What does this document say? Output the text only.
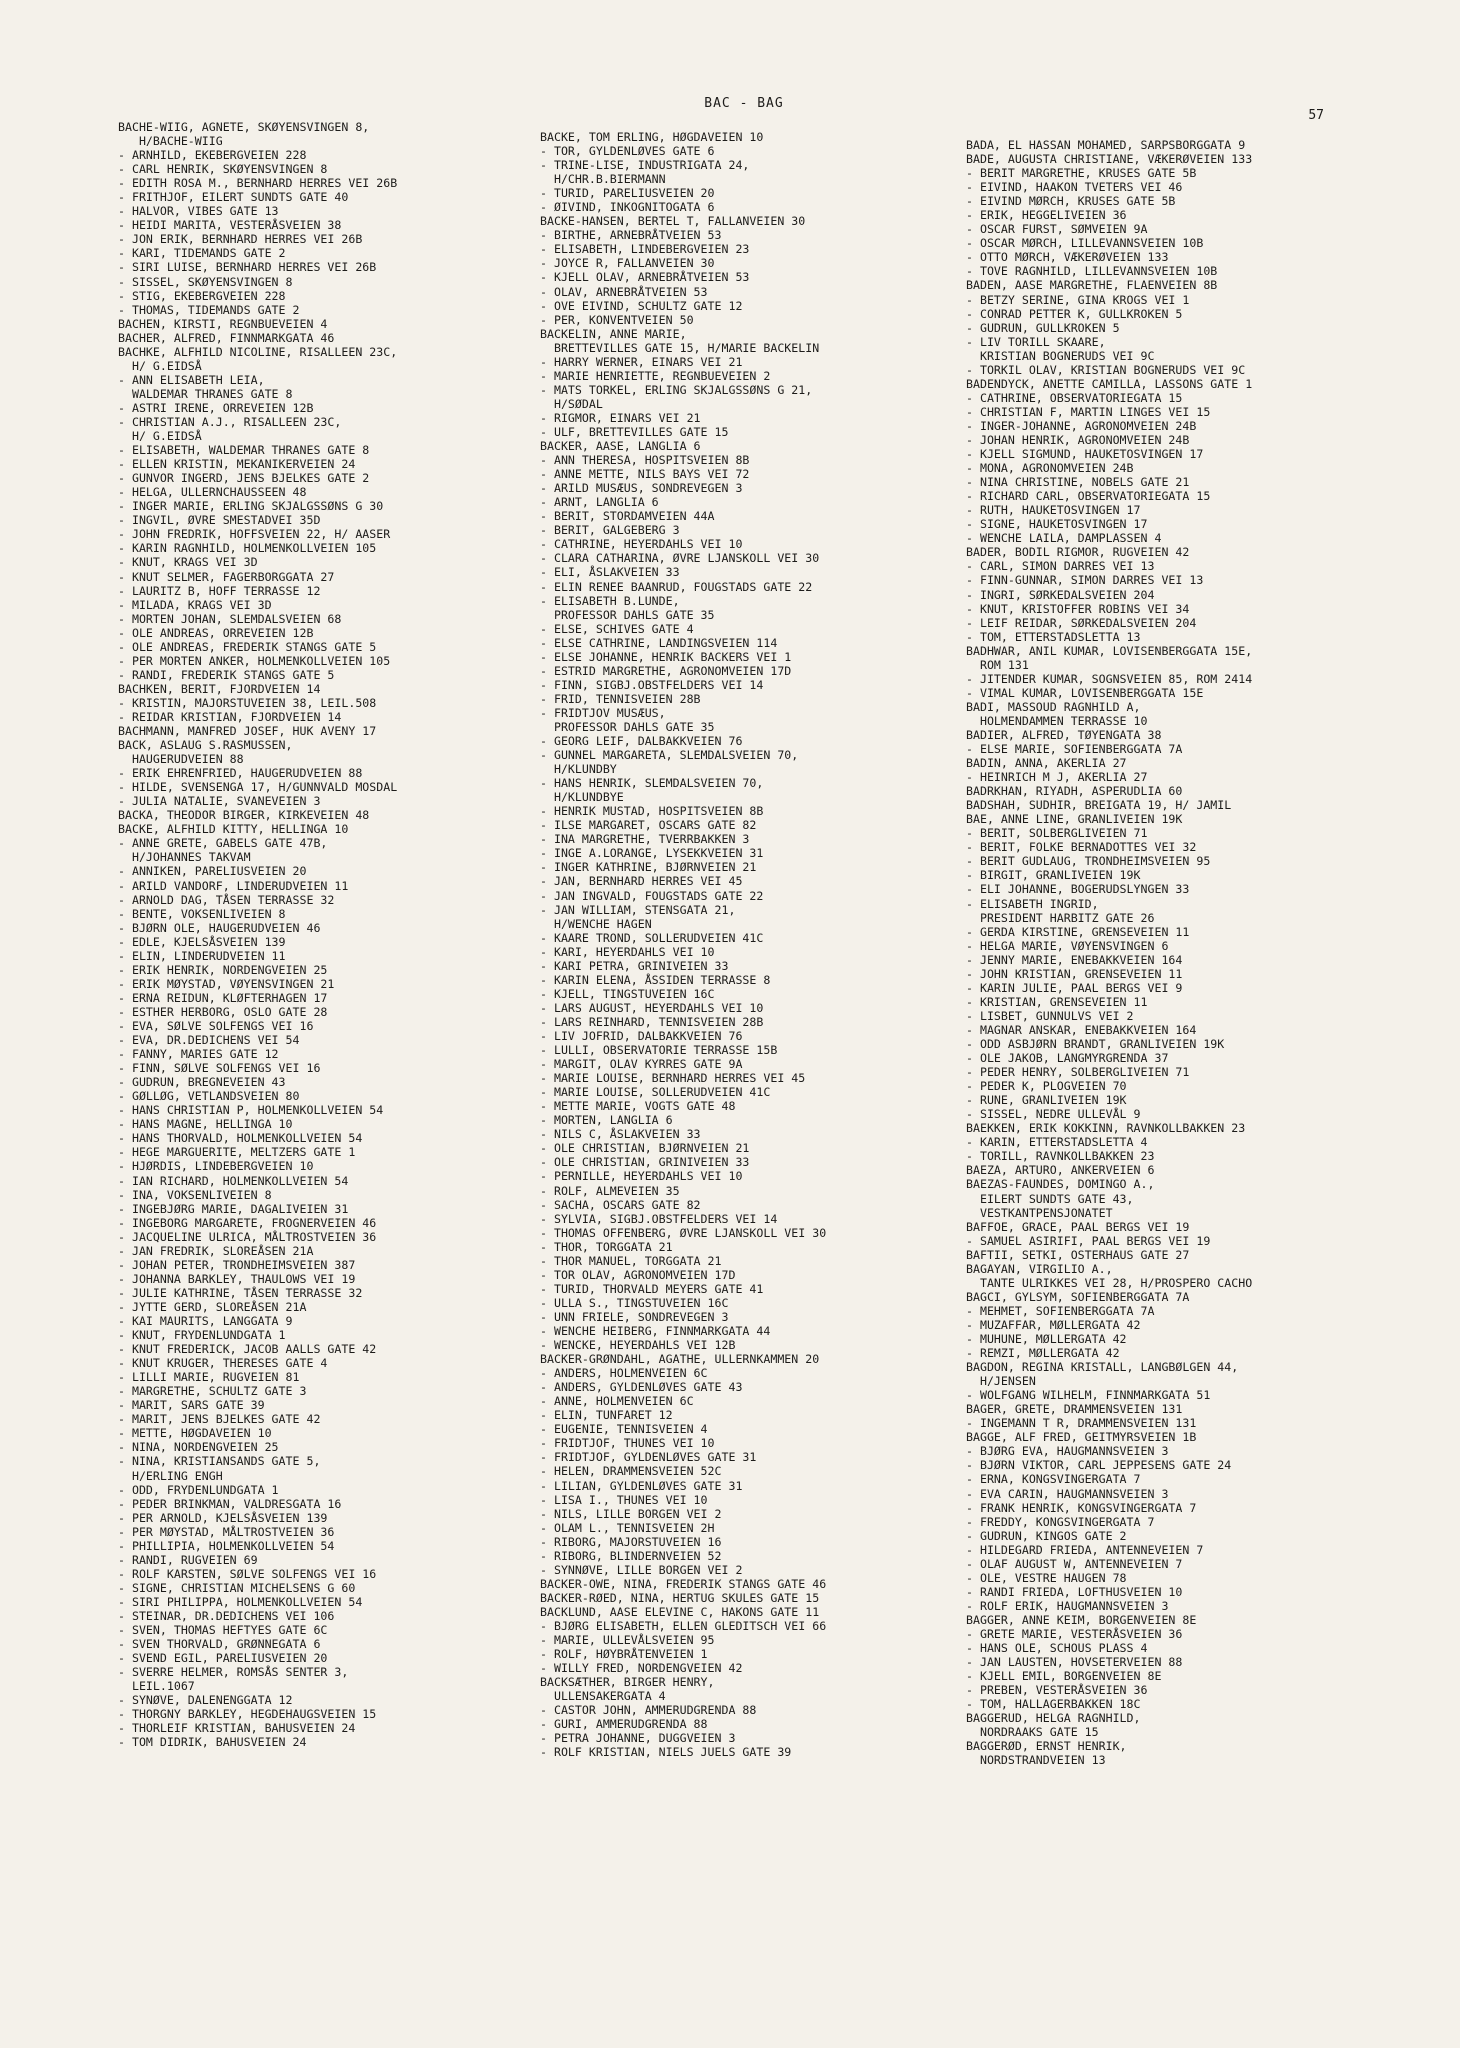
BAC - BAG
57
BACHE-WIIG, AGNETE, SKØYENSVINGEN 8,
H/BACHE-WIIG
- ARNHILD, EKEBERGVEIEN 228
- CARL HENRIK, SKØYENSVINGEN 8
- EDITH ROSA M., BERNHARD HERRES VEI 26B
- FRITHJOF, EILERT SUNDTS GATE 40
- HALVOR, VIBES GATE 13
- HEIDI MARITA, VESTERÅSVEIEN 38
- JON ERIK, BERNHARD HERRES VEI 26B
- KARI, TIDEMANDS GATE 2
- SIRI LUISE, BERNHARD HERRES VEI 26B
- SISSEL, SKØYENSVINGEN 8
- STIG, EKEBERGVEIEN 228
- THOMAS, TIDEMANDS GATE 2
BACHEN, KIRSTI, REGNBUEVEIEN 4
BACHER, ALFRED, FINNMARKGATA 46
BACHKE, ALFHILD NICOLINE, RISALLEEN 23C,
H/ G.EIDSÅ
- ANN ELISABETH LEIA,
WALDEMAR THRANES GATE 8
- ASTRI IRENE, ORREVEIEN 12B
- CHRISTIAN A.J., RISALLEEN 23C,
H/ G.EIDSÅ
- ELISABETH, WALDEMAR THRANES GATE 8
- ELLEN KRISTIN, MEKANIKERVEIEN 24
- GUNVOR INGERD, JENS BJELKES GATE 2
- HELGA, ULLERNCHAUSSEEN 48
- INGER MARIE, ERLING SKJALGSSØNS G 30
- INGVIL, ØVRE SMESTADVEI 35D
- JOHN FREDRIK, HOFFSVEIEN 22, H/ AASER
- KARIN RAGNHILD, HOLMENKOLLVEIEN 105
- KNUT, KRAGS VEI 3D
- KNUT SELMER, FAGERBORGGATA 27
- LAURITZ B, HOFF TERRASSE 12
- MILADA, KRAGS VEI 3D
- MORTEN JOHAN, SLEMDALSVEIEN 68
- OLE ANDREAS, ORREVEIEN 12B
- OLE ANDREAS, FREDERIK STANGS GATE 5
- PER MORTEN ANKER, HOLMENKOLLVEIEN 105
- RANDI, FREDERIK STANGS GATE 5
BACHKEN, BERIT, FJORDVEIEN 14
- KRISTIN, MAJORSTUVEIEN 38, LEIL.508
- REIDAR KRISTIAN, FJORDVEIEN 14
BACHMANN, MANFRED JOSEF, HUK AVENY 17
BACK, ASLAUG S.RASMUSSEN,
HAUGERUDVEIEN 88
- ERIK EHRENFRIED, HAUGERUDVEIEN 88
- HILDE, SVENSENGA 17, H/GUNNVALD MOSDAL
- JULIA NATALIE, SVANEVEIEN 3
BACKA, THEODOR BIRGER, KIRKEVEIEN 48
BACKE, ALFHILD KITTY, HELLINGA 10
- ANNE GRETE, GABELS GATE 47B,
H/JOHANNES TAKVAM
- ANNIKEN, PARELIUSVEIEN 20
- ARILD VANDORF, LINDERUDVEIEN 11
- ARNOLD DAG, TÅSEN TERRASSE 32
- BENTE, VOKSENLIVEIEN 8
- BJØRN OLE, HAUGERUDVEIEN 46
- EDLE, KJELSÅSVEIEN 139
- ELIN, LINDERUDVEIEN 11
- ERIK HENRIK, NORDENGVEIEN 25
- ERIK MØYSTAD, VØYENSVINGEN 21
- ERNA REIDUN, KLØFTERHAGEN 17
- ESTHER HERBORG, OSLO GATE 28
- EVA, SØLVE SOLFENGS VEI 16
- EVA, DR.DEDICHENS VEI 54
- FANNY, MARIES GATE 12
- FINN, SØLVE SOLFENGS VEI 16
- GUDRUN, BREGNEVEIEN 43
- GØLLØG, VETLANDSVEIEN 80
- HANS CHRISTIAN P, HOLMENKOLLVEIEN 54
- HANS MAGNE, HELLINGA 10
- HANS THORVALD, HOLMENKOLLVEIEN 54
- HEGE MARGUERITE, MELTZERS GATE 1
- HJØRDIS, LINDEBERGVEIEN 10
- IAN RICHARD, HOLMENKOLLVEIEN 54
- INA, VOKSENLIVEIEN 8
- INGEBJØRG MARIE, DAGALIVEIEN 31
- INGEBORG MARGARETE, FROGNERVEIEN 46
- JACQUELINE ULRICA, MÅLTROSTVEIEN 36
- JAN FREDRIK, SLOREÅSEN 21A
- JOHAN PETER, TRONDHEIMSVEIEN 387
- JOHANNA BARKLEY, THAULOWS VEI 19
- JULIE KATHRINE, TÅSEN TERRASSE 32
- JYTTE GERD, SLOREÅSEN 21A
- KAI MAURITS, LANGGATA 9
- KNUT, FRYDENLUNDGATA 1
- KNUT FREDERICK, JACOB AALLS GATE 42
- KNUT KRUGER, THERESES GATE 4
- LILLI MARIE, RUGVEIEN 81
- MARGRETHE, SCHULTZ GATE 3
- MARIT, SARS GATE 39
- MARIT, JENS BJELKES GATE 42
- METTE, HØGDAVEIEN 10
- NINA, NORDENGVEIEN 25
- NINA, KRISTIANSANDS GATE 5,
H/ERLING ENGH
- ODD, FRYDENLUNDGATA 1
- PEDER BRINKMAN, VALDRESGATA 16
- PER ARNOLD, KJELSÅSVEIEN 139
- PER MØYSTAD, MÅLTROSTVEIEN 36
- PHILLIPIA, HOLMENKOLLVEIEN 54
- RANDI, RUGVEIEN 69
- ROLF KARSTEN, SØLVE SOLFENGS VEI 16
- SIGNE, CHRISTIAN MICHELSENS G 60
- SIRI PHILIPPA, HOLMENKOLLVEIEN 54
- STEINAR, DR.DEDICHENS VEI 106
- SVEN, THOMAS HEFTYES GATE 6C
- SVEN THORVALD, GRØNNEGATA 6
- SVEND EGIL, PARELIUSVEIEN 20
- SVERRE HELMER, ROMSÅS SENTER 3,
LEIL.1067
- SYNØVE, DALENENGGATA 12
- THORGNY BARKLEY, HEGDEHAUGSVEIEN 15
- THORLEIF KRISTIAN, BAHUSVEIEN 24
- TOM DIDRIK, BAHUSVEIEN 24
BACKE, TOM ERLING, HØGDAVEIEN 10
- TOR, GYLDENLØVES GATE 6
- TRINE-LISE, INDUSTRIGATA 24,
H/CHR.B.BIERMANN
- TURID, PARELIUSVEIEN 20
- ØIVIND, INKOGNITOGATA 6
BACKE-HANSEN, BERTEL T, FALLANVEIEN 30
- BIRTHE, ARNEBRÅTVEIEN 53
- ELISABETH, LINDEBERGVEIEN 23
- JOYCE R, FALLANVEIEN 30
- KJELL OLAV, ARNEBRÅTVEIEN 53
- OLAV, ARNEBRÅTVEIEN 53
- OVE EIVIND, SCHULTZ GATE 12
- PER, KONVENTVEIEN 50
BACKELIN, ANNE MARIE,
BRETTEVILLES GATE 15, H/MARIE BACKELIN
- HARRY WERNER, EINARS VEI 21
- MARIE HENRIETTE, REGNBUEVEIEN 2
- MATS TORKEL, ERLING SKJALGSSØNS G 21,
H/SØDAL
- RIGMOR, EINARS VEI 21
- ULF, BRETTEVILLES GATE 15
BACKER, AASE, LANGLIA 6
- ANN THERESA, HOSPITSVEIEN 8B
- ANNE METTE, NILS BAYS VEI 72
- ARILD MUSÆUS, SONDREVEGEN 3
- ARNT, LANGLIA 6
- BERIT, STORDAMVEIEN 44A
- BERIT, GALGEBERG 3
- CATHRINE, HEYERDAHLS VEI 10
- CLARA CATHARINA, ØVRE LJANSKOLL VEI 30
- ELI, ÅSLAKVEIEN 33
- ELIN RENEE BAANRUD, FOUGSTADS GATE 22
- ELISABETH B.LUNDE,
PROFESSOR DAHLS GATE 35
- ELSE, SCHIVES GATE 4
- ELSE CATHRINE, LANDINGSVEIEN 114
- ELSE JOHANNE, HENRIK BACKERS VEI 1
- ESTRID MARGRETHE, AGRONOMVEIEN 17D
- FINN, SIGBJ.OBSTFELDERS VEI 14
- FRID, TENNISVEIEN 28B
- FRIDTJOV MUSÆUS,
PROFESSOR DAHLS GATE 35
- GEORG LEIF, DALBAKKVEIEN 76
- GUNNEL MARGARETA, SLEMDALSVEIEN 70,
H/KLUNDBY
- HANS HENRIK, SLEMDALSVEIEN 70,
H/KLUNDBYE
- HENRIK MUSTAD, HOSPITSVEIEN 8B
- ILSE MARGARET, OSCARS GATE 82
- INA MARGRETHE, TVERRBAKKEN 3
- INGE A.LORANGE, LYSEKKVEIEN 31
- INGER KATHRINE, BJØRNVEIEN 21
- JAN, BERNHARD HERRES VEI 45
- JAN INGVALD, FOUGSTADS GATE 22
- JAN WILLIAM, STENSGATA 21,
H/WENCHE HAGEN
- KAARE TROND, SOLLERUDVEIEN 41C
- KARI, HEYERDAHLS VEI 10
- KARI PETRA, GRINIVEIEN 33
- KARIN ELENA, ÅSSIDEN TERRASSE 8
- KJELL, TINGSTUVEIEN 16C
- LARS AUGUST, HEYERDAHLS VEI 10
- LARS REINHARD, TENNISVEIEN 28B
- LIV JOFRID, DALBAKKVEIEN 76
- LULLI, OBSERVATORIE TERRASSE 15B
- MARGIT, OLAV KYRRES GATE 9A
- MARIE LOUISE, BERNHARD HERRES VEI 45
- MARIE LOUISE, SOLLERUDVEIEN 41C
- METTE MARIE, VOGTS GATE 48
- MORTEN, LANGLIA 6
- NILS C, ÅSLAKVEIEN 33
- OLE CHRISTIAN, BJØRNVEIEN 21
- OLE CHRISTIAN, GRINIVEIEN 33
- PERNILLE, HEYERDAHLS VEI 10
- ROLF, ALMEVEIEN 35
- SACHA, OSCARS GATE 82
- SYLVIA, SIGBJ.OBSTFELDERS VEI 14
- THOMAS OFFENBERG, ØVRE LJANSKOLL VEI 30
- THOR, TORGGATA 21
- THOR MANUEL, TORGGATA 21
- TOR OLAV, AGRONOMVEIEN 17D
- TURID, THORVALD MEYERS GATE 41
- ULLA S., TINGSTUVEIEN 16C
- UNN FRIELE, SONDREVEGEN 3
- WENCHE HEIBERG, FINNMARKGATA 44
- WENCKE, HEYERDAHLS VEI 12B
BACKER-GRØNDAHL, AGATHE, ULLERNKAMMEN 20
- ANDERS, HOLMENVEIEN 6C
- ANDERS, GYLDENLØVES GATE 43
- ANNE, HOLMENVEIEN 6C
- ELIN, TUNFARET 12
- EUGENIE, TENNISVEIEN 4
- FRIDTJOF, THUNES VEI 10
- FRIDTJOF, GYLDENLØVES GATE 31
- HELEN, DRAMMENSVEIEN 52C
- LILIAN, GYLDENLØVES GATE 31
- LISA I., THUNES VEI 10
- NILS, LILLE BORGEN VEI 2
- OLAM L., TENNISVEIEN 2H
- RIBORG, MAJORSTUVEIEN 16
- RIBORG, BLINDERNVEIEN 52
- SYNNØVE, LILLE BORGEN VEI 2
BACKER-OWE, NINA, FREDERIK STANGS GATE 46
BACKER-RØED, NINA, HERTUG SKULES GATE 15
BACKLUND, AASE ELEVINE C, HAKONS GATE 11
- BJØRG ELISABETH, ELLEN GLEDITSCH VEI 66
- MARIE, ULLEVÅLSVEIEN 95
- ROLF, HØYBRÅTENVEIEN 1
- WILLY FRED, NORDENGVEIEN 42
BACKSÆTHER, BIRGER HENRY,
ULLENSAKERGATA 4
- CASTOR JOHN, AMMERUDGRENDA 88
- GURI, AMMERUDGRENDA 88
- PETRA JOHANNE, DUGGVEIEN 3
- ROLF KRISTIAN, NIELS JUELS GATE 39
BADA, EL HASSAN MOHAMED, SARPSBORGGATA 9
BADE, AUGUSTA CHRISTIANE, VÆKERØVEIEN 133
- BERIT MARGRETHE, KRUSES GATE 5B
- EIVIND, HAAKON TVETERS VEI 46
- EIVIND MØRCH, KRUSES GATE 5B
- ERIK, HEGGELIVEIEN 36
- OSCAR FURST, SØMVEIEN 9A
- OSCAR MØRCH, LILLEVANNSVEIEN 10B
- OTTO MØRCH, VÆKERØVEIEN 133
- TOVE RAGNHILD, LILLEVANNSVEIEN 10B
BADEN, AASE MARGRETHE, FLAENVEIEN 8B
- BETZY SERINE, GINA KROGS VEI 1
- CONRAD PETTER K, GULLKROKEN 5
- GUDRUN, GULLKROKEN 5
- LIV TORILL SKAARE,
KRISTIAN BOGNERUDS VEI 9C
- TORKIL OLAV, KRISTIAN BOGNERUDS VEI 9C
BADENDYCK, ANETTE CAMILLA, LASSONS GATE 1
- CATHRINE, OBSERVATORIEGATA 15
- CHRISTIAN F, MARTIN LINGES VEI 15
- INGER-JOHANNE, AGRONOMVEIEN 24B
- JOHAN HENRIK, AGRONOMVEIEN 24B
- KJELL SIGMUND, HAUKETOSVINGEN 17
- MONA, AGRONOMVEIEN 24B
- NINA CHRISTINE, NOBELS GATE 21
- RICHARD CARL, OBSERVATORIEGATA 15
- RUTH, HAUKETOSVINGEN 17
- SIGNE, HAUKETOSVINGEN 17
- WENCHE LAILA, DAMPLASSEN 4
BADER, BODIL RIGMOR, RUGVEIEN 42
- CARL, SIMON DARRES VEI 13
- FINN-GUNNAR, SIMON DARRES VEI 13
- INGRI, SØRKEDALSVEIEN 204
- KNUT, KRISTOFFER ROBINS VEI 34
- LEIF REIDAR, SØRKEDALSVEIEN 204
- TOM, ETTERSTADSLETTA 13
BADHWAR, ANIL KUMAR, LOVISENBERGGATA 15E,
ROM 131
- JITENDER KUMAR, SOGNSVEIEN 85, ROM 2414
- VIMAL KUMAR, LOVISENBERGGATA 15E
BADI, MASSOUD RAGNHILD A,
HOLMENDAMMEN TERRASSE 10
BADIER, ALFRED, TØYENGATA 38
- ELSE MARIE, SOFIENBERGGATA 7A
BADIN, ANNA, AKERLIA 27
- HEINRICH M J, AKERLIA 27
BADRKHAN, RIYADH, ASPERUDLIA 60
BADSHAH, SUDHIR, BREIGATA 19, H/ JAMIL
BAE, ANNE LINE, GRANLIVEIEN 19K
- BERIT, SOLBERGLIVEIEN 71
- BERIT, FOLKE BERNADOTTES VEI 32
- BERIT GUDLAUG, TRONDHEIMSVEIEN 95
- BIRGIT, GRANLIVEIEN 19K
- ELI JOHANNE, BOGERUDSLYNGEN 33
- ELISABETH INGRID,
PRESIDENT HARBITZ GATE 26
- GERDA KIRSTINE, GRENSEVEIEN 11
- HELGA MARIE, VØYENSVINGEN 6
- JENNY MARIE, ENEBAKKVEIEN 164
- JOHN KRISTIAN, GRENSEVEIEN 11
- KARIN JULIE, PAAL BERGS VEI 9
- KRISTIAN, GRENSEVEIEN 11
- LISBET, GUNNULVS VEI 2
- MAGNAR ANSKAR, ENEBAKKVEIEN 164
- ODD ASBJØRN BRANDT, GRANLIVEIEN 19K
- OLE JAKOB, LANGMYRGRENDA 37
- PEDER HENRY, SOLBERGLIVEIEN 71
- PEDER K, PLOGVEIEN 70
- RUNE, GRANLIVEIEN 19K
- SISSEL, NEDRE ULLEVÅL 9
BAEKKEN, ERIK KOKKINN, RAVNKOLLBAKKEN 23
- KARIN, ETTERSTADSLETTA 4
- TORILL, RAVNKOLLBAKKEN 23
BAEZA, ARTURO, ANKERVEIEN 6
BAEZAS-FAUNDES, DOMINGO A.,
EILERT SUNDTS GATE 43,
VESTKANTPENSJONATET
BAFFOE, GRACE, PAAL BERGS VEI 19
- SAMUEL ASIRIFI, PAAL BERGS VEI 19
BAFTII, SETKI, OSTERHAUS GATE 27
BAGAYAN, VIRGILIO A.,
TANTE ULRIKKES VEI 28, H/PROSPERO CACHO
BAGCI, GYLSYM, SOFIENBERGGATA 7A
- MEHMET, SOFIENBERGGATA 7A
- MUZAFFAR, MØLLERGATA 42
- MUHUNE, MØLLERGATA 42
- REMZI, MØLLERGATA 42
BAGDON, REGINA KRISTALL, LANGBØLGEN 44,
H/JENSEN
- WOLFGANG WILHELM, FINNMARKGATA 51
BAGER, GRETE, DRAMMENSVEIEN 131
- INGEMANN T R, DRAMMENSVEIEN 131
BAGGE, ALF FRED, GEITMYRSVEIEN 1B
- BJØRG EVA, HAUGMANNSVEIEN 3
- BJØRN VIKTOR, CARL JEPPESENS GATE 24
- ERNA, KONGSVINGERGATA 7
- EVA CARIN, HAUGMANNSVEIEN 3
- FRANK HENRIK, KONGSVINGERGATA 7
- FREDDY, KONGSVINGERGATA 7
- GUDRUN, KINGOS GATE 2
- HILDEGARD FRIEDA, ANTENNEVEIEN 7
- OLAF AUGUST W, ANTENNEVEIEN 7
- OLE, VESTRE HAUGEN 78
- RANDI FRIEDA, LOFTHUSVEIEN 10
- ROLF ERIK, HAUGMANNSVEIEN 3
BAGGER, ANNE KEIM, BORGENVEIEN 8E
- GRETE MARIE, VESTERÅSVEIEN 36
- HANS OLE, SCHOUS PLASS 4
- JAN LAUSTEN, HOVSETERVEIEN 88
- KJELL EMIL, BORGENVEIEN 8E
- PREBEN, VESTERÅSVEIEN 36
- TOM, HALLAGERBAKKEN 18C
BAGGERUD, HELGA RAGNHILD,
NORDRAAKS GATE 15
BAGGERØD, ERNST HENRIK,
NORDSTRANDVEIEN 13
